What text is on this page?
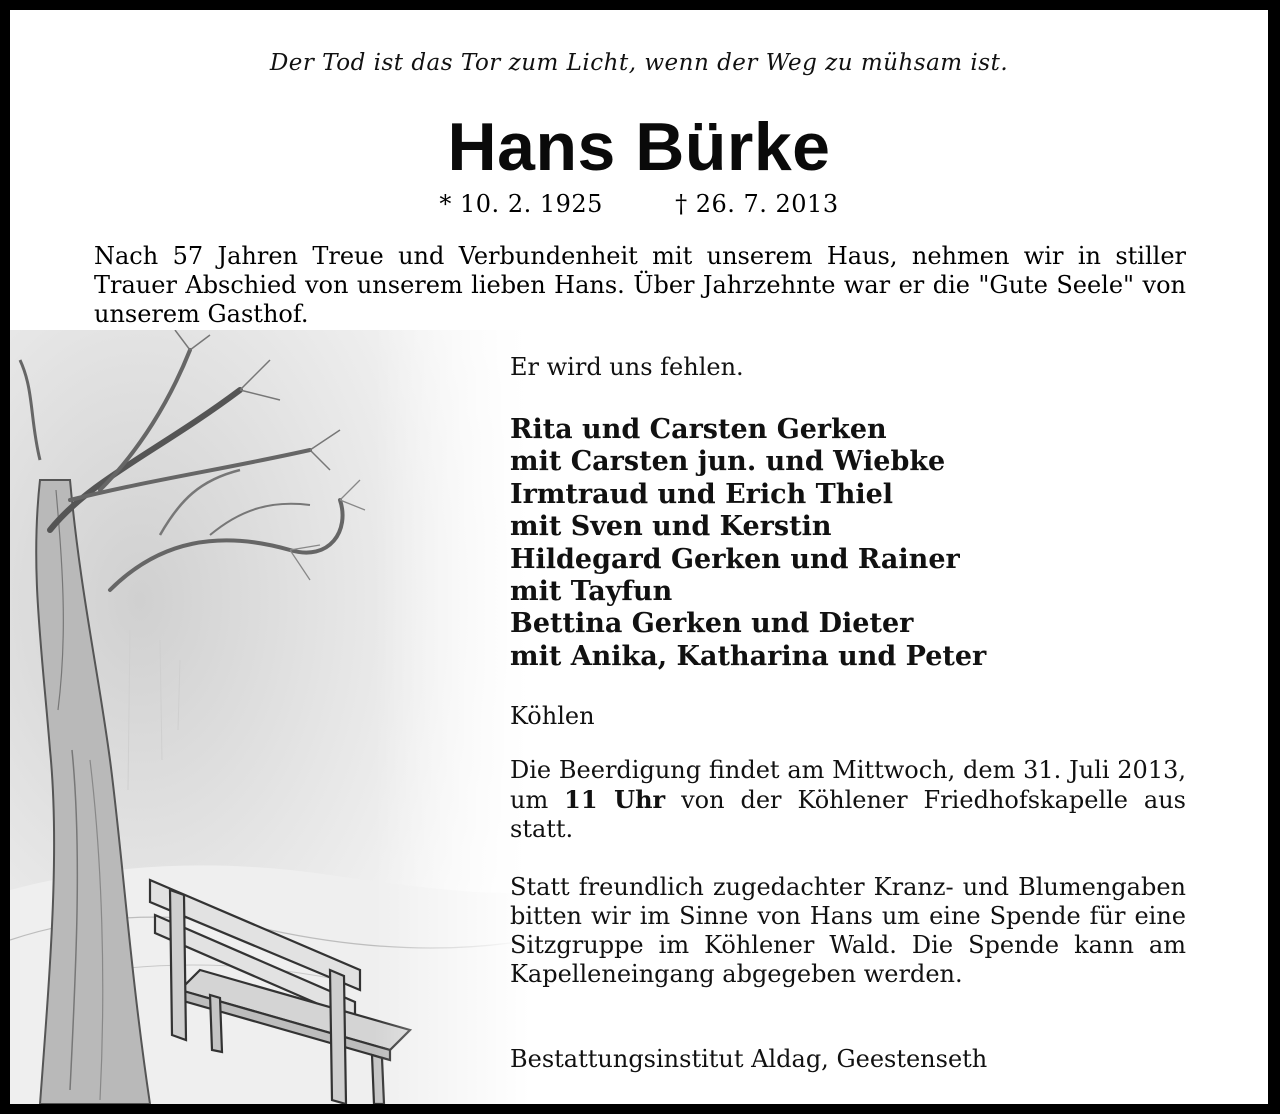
Der Tod ist das Tor zum Licht, wenn der Weg zu mühsam ist.
Hans Bürke
* 10. 2. 1925	† 26. 7. 2013

Nach 57 Jahren Treue und Verbundenheit mit unserem Haus, nehmen wir in stiller Trauer Abschied von unserem lieben Hans. Über Jahrzehnte war er die "Gute Seele" von unserem Gasthof.

Er wird uns fehlen.
Rita und Carsten Gerken
mit Carsten jun. und Wiebke
Irmtraud und Erich Thiel
mit Sven und Kerstin
Hildegard Gerken und Rainer
mit Tayfun
Bettina Gerken und Dieter
mit Anika, Katharina und Peter
Köhlen

Die Beerdigung findet am Mittwoch, dem 31. Juli 2013, um 11 Uhr von der Köhlener Friedhofskapelle aus statt.

Statt freundlich zugedachter Kranz- und Blumengaben bitten wir im Sinne von Hans um eine Spende für eine Sitzgruppe im Köhlener Wald. Die Spende kann am Kapelleneingang abgegeben werden.

Bestattungsinstitut Aldag, Geestenseth
